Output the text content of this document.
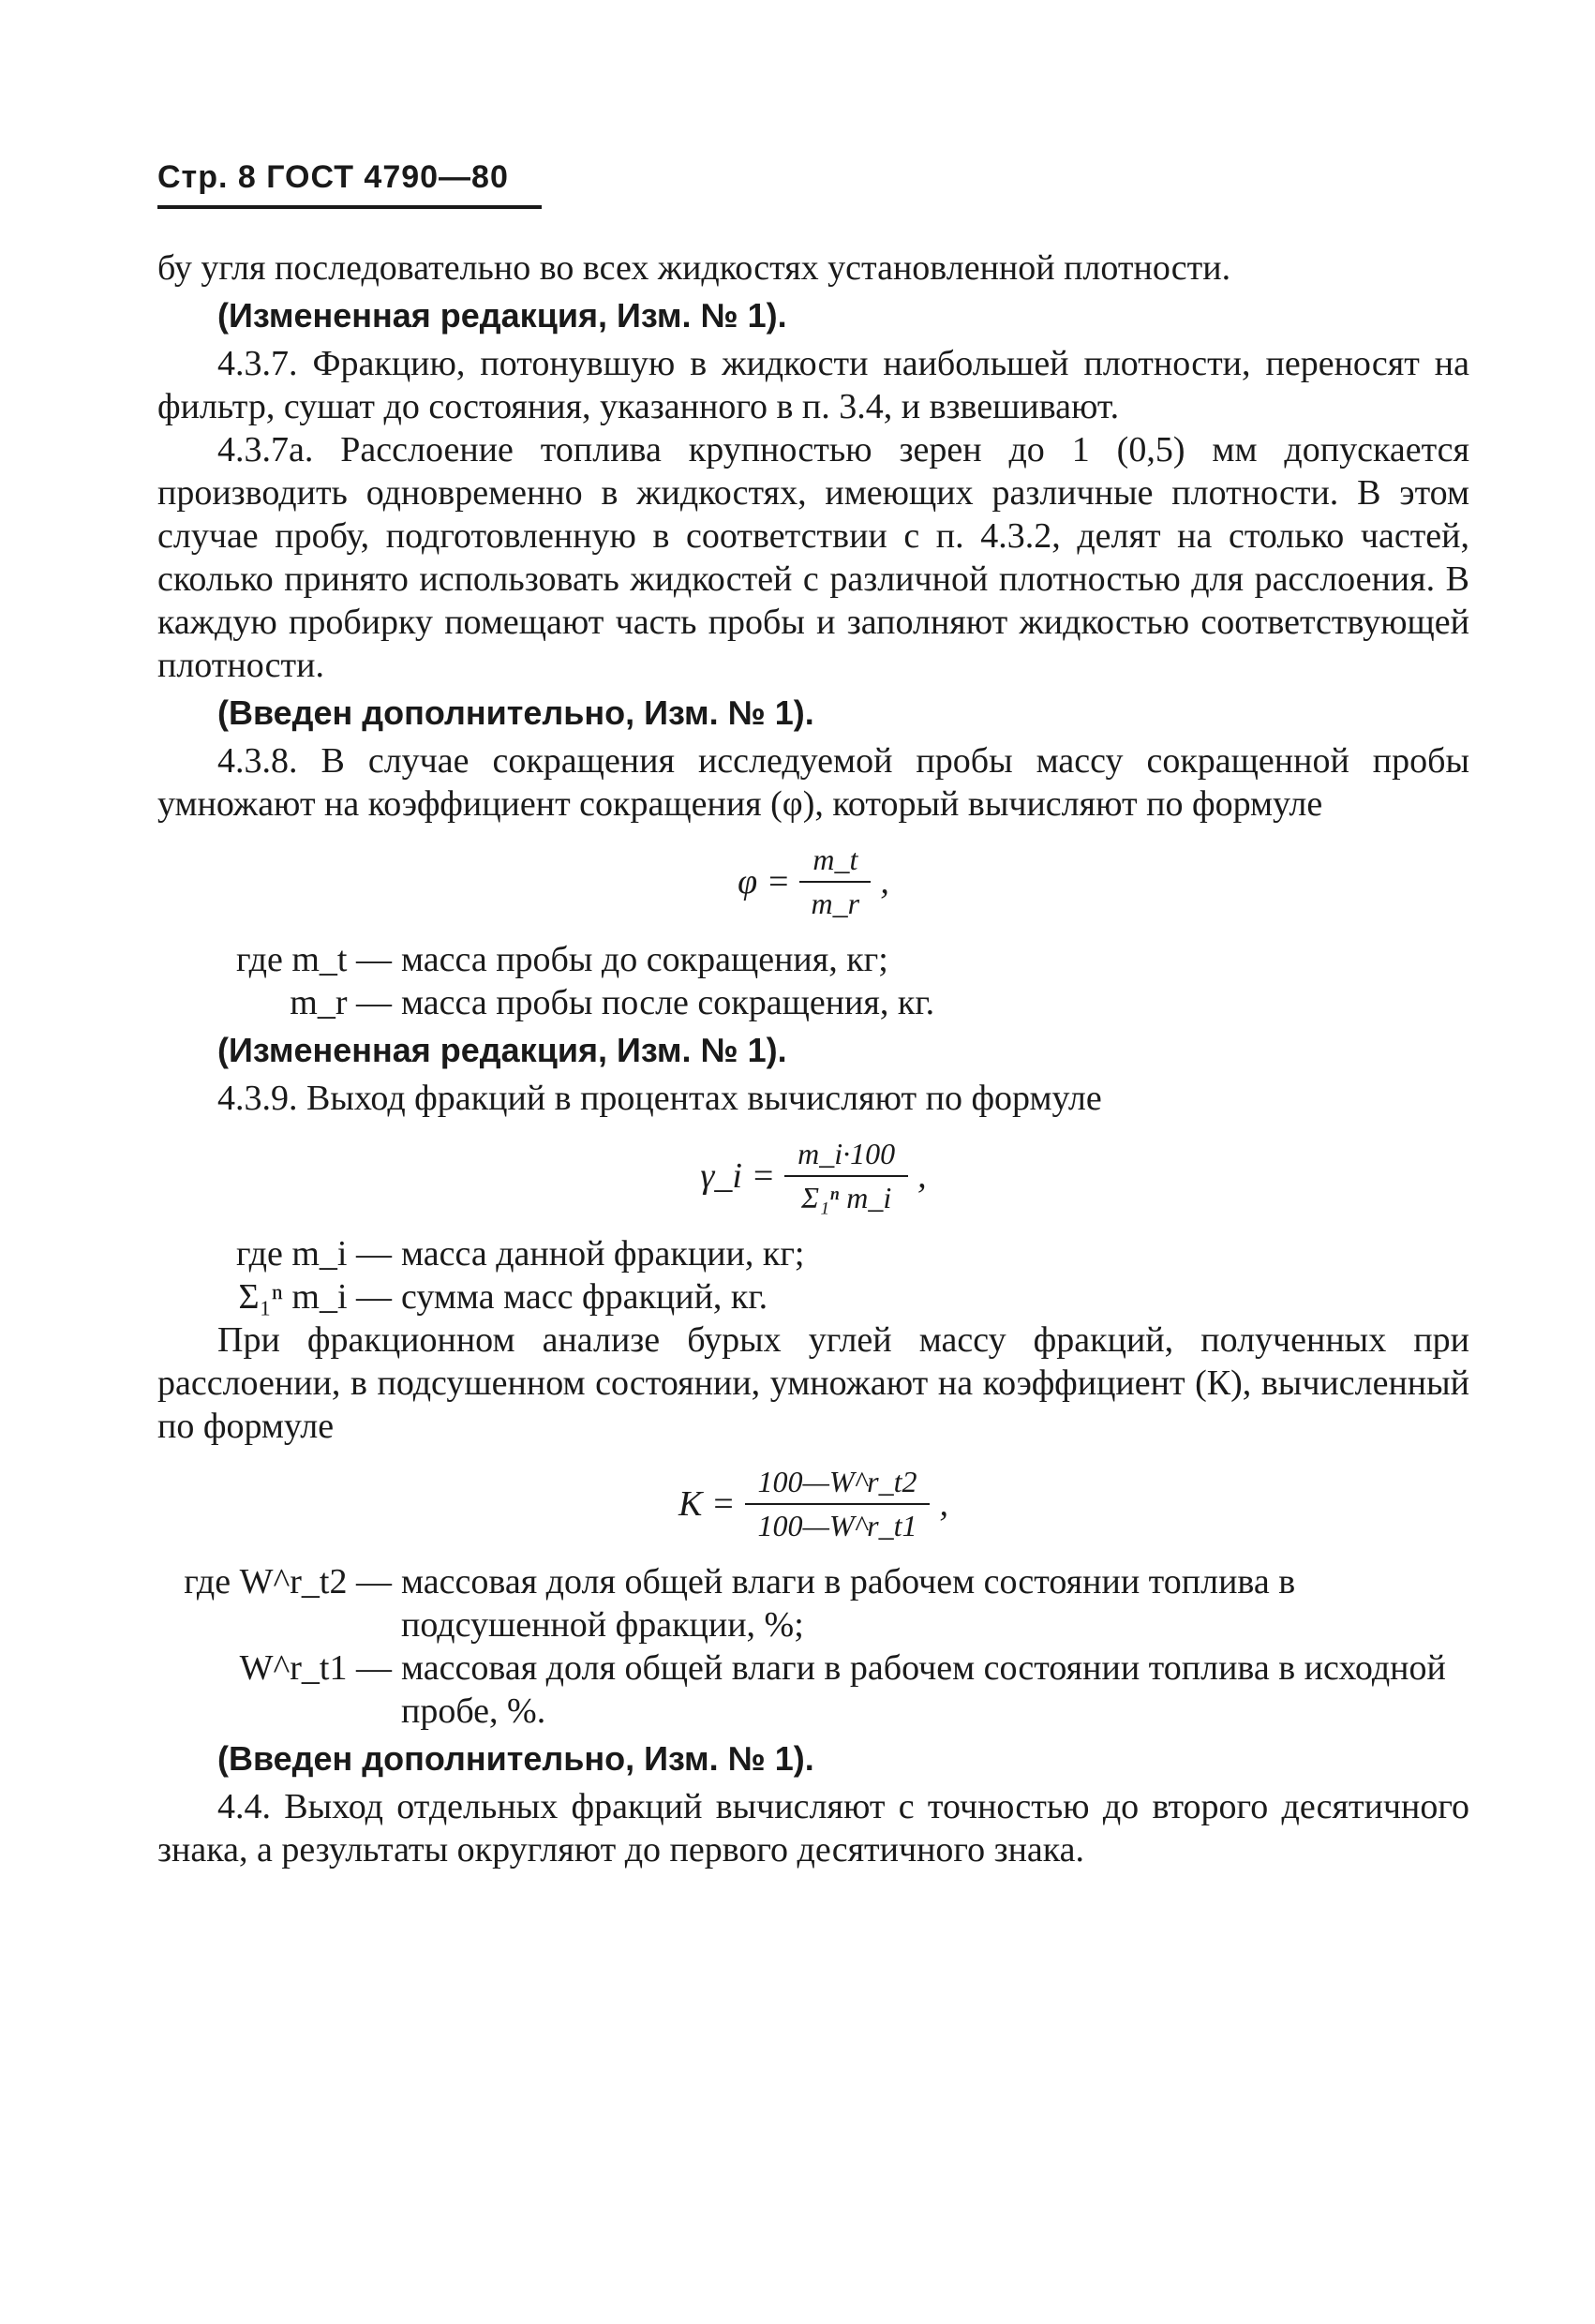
Стр. 8 ГОСТ 4790—80

бу угля последовательно во всех жидкостях установленной плотности.

(Измененная редакция, Изм. № 1).

4.3.7. Фракцию, потонувшую в жидкости наибольшей плотности, переносят на фильтр, сушат до состояния, указанного в п. 3.4, и взвешивают.

4.3.7а. Расслоение топлива крупностью зерен до 1 (0,5) мм допускается производить одновременно в жидкостях, имеющих различные плотности. В этом случае пробу, подготовленную в соответствии с п. 4.3.2, делят на столько частей, сколько принято использовать жидкостей с различной плотностью для расслоения. В каждую пробирку помещают часть пробы и заполняют жидкостью соответствующей плотности.

(Введен дополнительно, Изм. № 1).

4.3.8. В случае сокращения исследуемой пробы массу сокращенной пробы умножают на коэффициент сокращения (φ), который вычисляют по формуле

$\varphi = \frac{m\_t}{m\_r}$ ,
где m_t — масса пробы до сокращения, кг;
m_r — масса пробы после сокращения, кг.

(Измененная редакция, Изм. № 1).

4.3.9. Выход фракций в процентах вычисляют по формуле

γ_i = $\frac{m\_i\cdot 100}{\text{Σ₁ⁿ m\_i}}$ ,
где m_i — масса данной фракции, кг;
Σ₁ⁿ m_i — сумма масс фракций, кг.

При фракционном анализе бурых углей массу фракций, полученных при расслоении, в подсушенном состоянии, умножают на коэффициент (К), вычисленный по формуле

$K = \frac{100—W\^{}r\_t2}{100—W\^{}r\_t1}$ ,
где W^r_t2 — массовая доля общей влаги в рабочем состоянии топлива в подсушенной фракции, %;
W^r_t1 — массовая доля общей влаги в рабочем состоянии топлива в исходной пробе, %.

(Введен дополнительно, Изм. № 1).

4.4. Выход отдельных фракций вычисляют с точностью до второго десятичного знака, а результаты округляют до первого десятичного знака.
